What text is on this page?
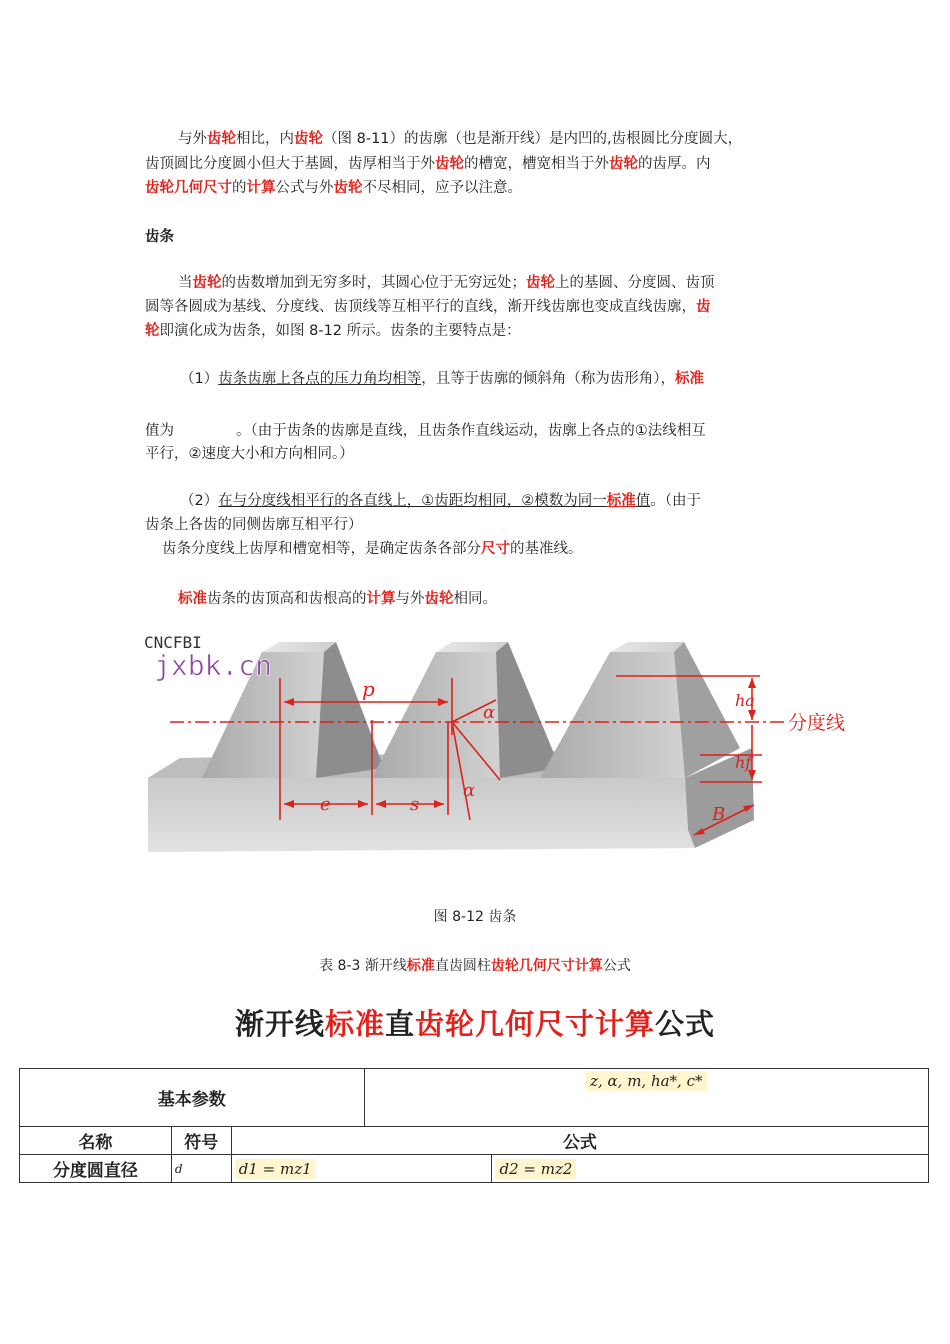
与外齿轮相比，内齿轮（图 8-11）的齿廓（也是渐开线）是内凹的,齿根圆比分度圆大，
齿顶圆比分度圆小但大于基圆，齿厚相当于外齿轮的槽宽，槽宽相当于外齿轮的齿厚。内
齿轮几何尺寸的计算公式与外齿轮不尽相同，应予以注意。
齿条
当齿轮的齿数增加到无穷多时，其圆心位于无穷远处；齿轮上的基圆、分度圆、齿顶
圆等各圆成为基线、分度线、齿顶线等互相平行的直线，渐开线齿廓也变成直线齿廓，齿
轮即演化成为齿条，如图 8-12 所示。齿条的主要特点是：
（1）齿条齿廓上各点的压力角均相等，且等于齿廓的倾斜角（称为齿形角），标准
值为	。（由于齿条的齿廓是直线，且齿条作直线运动，齿廓上各点的①法线相互
平行，②速度大小和方向相同。）
（2）在与分度线相平行的各直线上，①齿距均相同，②模数为同一标准值。（由于
齿条上各齿的同侧齿廓互相平行）
齿条分度线上齿厚和槽宽相等，是确定齿条各部分尺寸的基准线。
标准齿条的齿顶高和齿根高的计算与外齿轮相同。
CNCFBI
jxbk.cn
p
α
α
e	s
ha
hf
B
分度线
图 8-12 齿条
表 8-3 渐开线标准直齿圆柱齿轮几何尺寸计算公式
渐开线标准直齿轮几何尺寸计算公式
基本参数			z, α, m, ha*, c*	
名称	符号	公式		
分度圆直径	d	d1 = mz1		d2 = mz2
